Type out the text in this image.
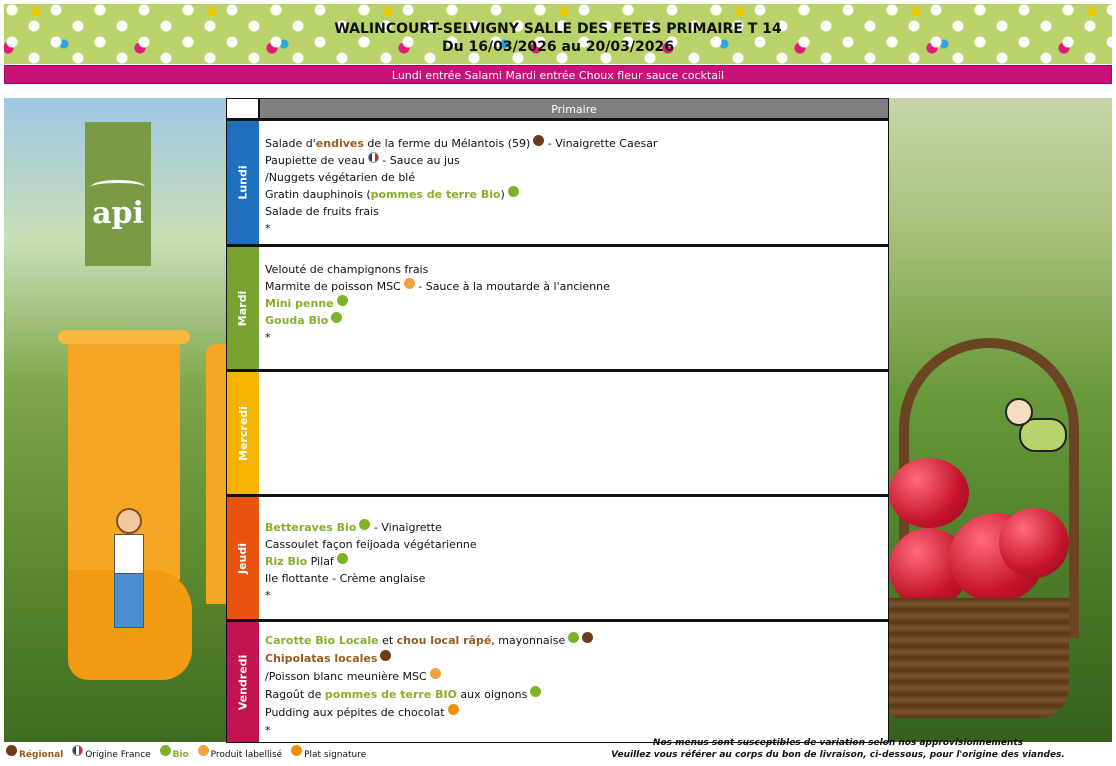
WALINCOURT-SELVIGNY SALLE DES FETES PRIMAIRE T 14
Du 16/03/2026 au 20/03/2026
Lundi entrée Salami Mardi entrée Choux fleur sauce cocktail
api
Primaire
Lundi
Salade d'endives de la ferme du Mélantois (59) - Vinaigrette Caesar
Paupiette de veau - Sauce au jus
/Nuggets végétarien de blé
Gratin dauphinois (pommes de terre Bio)
Salade de fruits frais
*
Mardi
Velouté de champignons frais
Marmite de poisson MSC - Sauce à la moutarde à l'ancienne
Mini penne
Gouda Bio
*
Mercredi
Jeudi
Betteraves Bio - Vinaigrette
Cassoulet façon feijoada végétarienne
Riz Bio Pilaf
Ile flottante - Crème anglaise
*
Vendredi
Carotte Bio Locale et chou local râpé, mayonnaise
Chipolatas locales
/Poisson blanc meunière MSC
Ragoût de pommes de terre BIO aux oignons
Pudding aux pépites de chocolat
*
Régional Origine France Bio Produit labellisé Plat signature
Nos menus sont susceptibles de variation selon nos approvisionnements
Veuillez vous référer au corps du bon de livraison, ci-dessous, pour l'origine des viandes.
